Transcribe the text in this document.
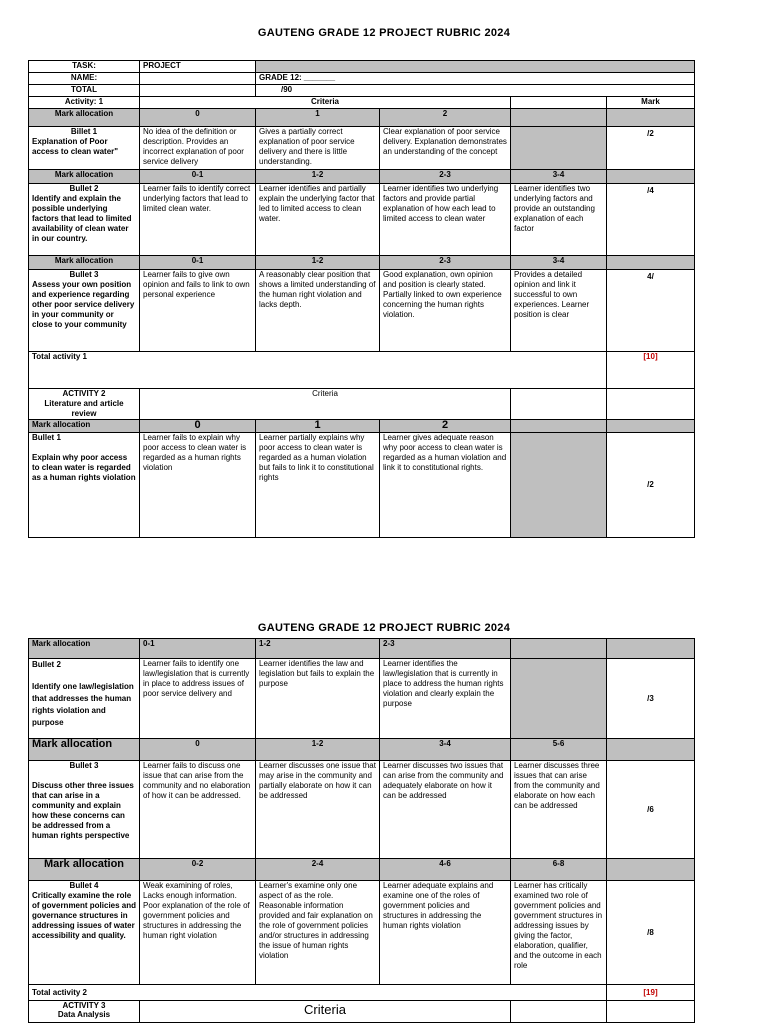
GAUTENG GRADE 12 PROJECT RUBRIC 2024
TASK:	PROJECT				
NAME:		GRADE 12: _______			
TOTAL		/90			
Activity: 1	Criteria				Mark
Mark allocation	0	1	2		

Billet 1
Explanation of Poor access to clean water"	No idea of the definition or description. Provides an incorrect explanation of poor service delivery	Gives a partially correct explanation of poor service delivery and there is little understanding.	Clear explanation of poor service delivery. Explanation demonstrates an understanding of the concept		/2
Mark allocation	0-1	1-2	2-3	3-4	

Bullet 2
Identify and explain the possible underlying factors that lead to limited availability of clean water in our country.	Learner fails to identify correct underlying factors that lead to limited clean water.	Learner identifies and partially explain the underlying factor that led to limited access to clean water.	Learner identifies two underlying factors and provide partial explanation of how each lead to limited access to clean water	Learner identifies two underlying factors and provide an outstanding explanation of each factor	/4
Mark allocation	0-1	1-2	2-3	3-4	

Bullet 3
Assess your own position and experience regarding other poor service delivery in your community or close to your community	Learner fails to give own opinion and fails to link to own personal experience	A reasonably clear position that shows a limited understanding of the human right violation and lacks depth.	Good explanation, own opinion and position is clearly stated. Partially linked to own experience concerning the human rights violation.	Provides a detailed opinion and link it successful to own experiences. Learner position is clear	4/
Total activity 1					[10]
ACTIVITY 2
Literature and article review	Criteria				
Mark allocation	0	1	2		

Bullet 1
Explain why poor access to clean water is regarded as a human rights violation	Learner fails to explain why poor access to clean water is regarded as a human rights violation	Learner partially explains why poor access to clean water is regarded as a human violation but fails to link it to constitutional rights	Learner gives adequate reason why poor access to clean water is regarded as a human violation and link it to constitutional rights.		/2
GAUTENG GRADE 12 PROJECT RUBRIC 2024
Mark allocation	0-1	1-2	2-3		

Bullet 2
Identify one law/legislation that addresses the human rights violation and purpose	Learner fails to identify one law/legislation that is currently in place to address issues of poor service delivery and	Learner identifies the law and legislation but fails to explain the purpose	Learner identifies the law/legislation that is currently in place to address the human rights violation and clearly explain the purpose		/3
Mark allocation	0	1-2	3-4	5-6	

Bullet 3
Discuss other three issues that can arise in a community and explain how these concerns can be addressed from a human rights perspective	Learner fails to discuss one issue that can arise from the community and no elaboration of how it can be addressed.	Learner discusses one issue that may arise in the community and partially elaborate on how it can be addressed	Learner discusses two issues that can arise from the community and adequately elaborate on how it can be addressed	Learner discusses three issues that can arise from the community and elaborate on how each can be addressed	/6
Mark allocation	0-2	2-4	4-6	6-8	

Bullet 4
Critically examine the role of government policies and governance structures in addressing issues of water accessibility and quality.	Weak examining of roles, Lacks enough information. Poor explanation of the role of government policies and structures in addressing the human right violation	Learner's examine only one aspect of as the role. Reasonable information provided and fair explanation on the role of government policies and/or structures in addressing the issue of human rights violation	Learner adequate explains and examine one of the roles of government policies and structures in addressing the human rights violation	Learner has critically examined two role of government policies and government structures in addressing issues by giving the factor, elaboration, qualifier, and the outcome in each role	/8
Total activity 2					[19]
ACTIVITY 3
Data Analysis	Criteria				
